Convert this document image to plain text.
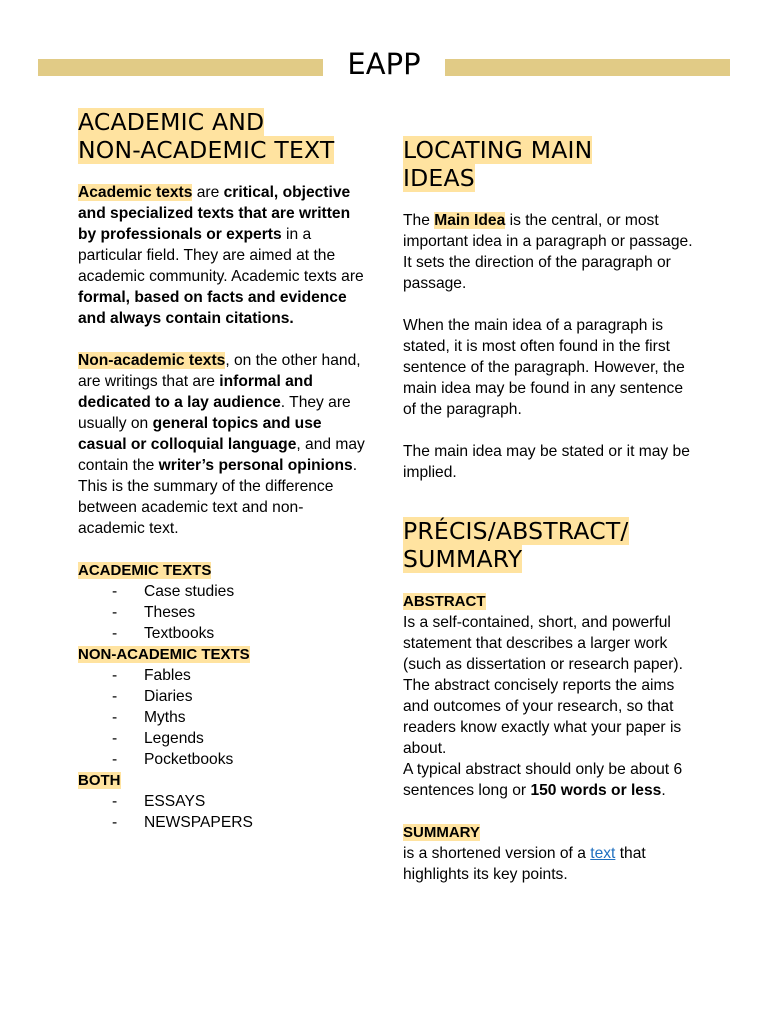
EAPP
ACADEMIC AND
NON-ACADEMIC TEXT

Academic texts are critical, objective and specialized texts that are written by professionals or experts in a particular field. They are aimed at the academic community. Academic texts are formal, based on facts and evidence and always contain citations.

Non-academic texts, on the other hand, are writings that are informal and dedicated to a lay audience. They are usually on general topics and use casual or colloquial language, and may contain the writer’s personal opinions. This is the summary of the difference between academic text and non-academic text.

ACADEMIC TEXTS
- Case studies
- Theses
- Textbooks
NON-ACADEMIC TEXTS
- Fables
- Diaries
- Myths
- Legends
- Pocketbooks
BOTH
- ESSAYS
- NEWSPAPERS
LOCATING MAIN
IDEAS

The Main Idea is the central, or most important idea in a paragraph or passage. It sets the direction of the paragraph or passage.

When the main idea of a paragraph is stated, it is most often found in the first sentence of the paragraph. However, the main idea may be found in any sentence of the paragraph.

The main idea may be stated or it may be implied.

PRÉCIS/ABSTRACT/
SUMMARY
ABSTRACT

Is a self-contained, short, and powerful statement that describes a larger work (such as dissertation or research paper). The abstract concisely reports the aims and outcomes of your research, so that readers know exactly what your paper is about.

A typical abstract should only be about 6 sentences long or 150 words or less.

SUMMARY

is a shortened version of a text that highlights its key points.
